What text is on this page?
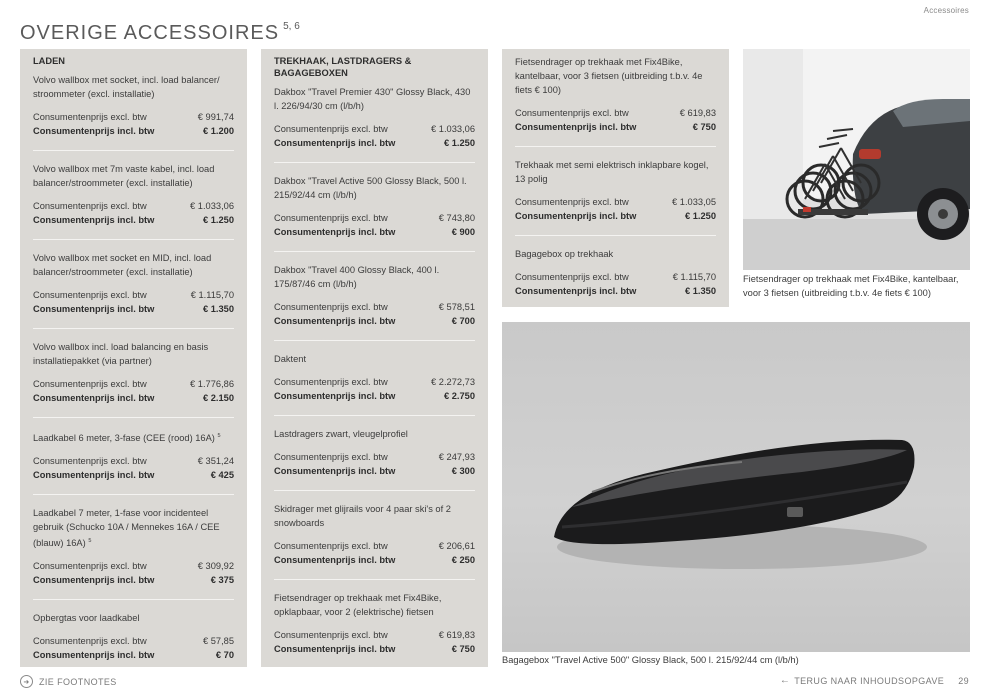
Accessoires
OVERIGE ACCESSOIRES $^{5, 6}$
LADEN

Volvo wallbox met socket, incl. load balancer/ stroommeter (excl. installatie)

Consumentenprijs excl. btw	€ 991,74
Consumentenprijs incl. btw	€ 1.200

Volvo wallbox met 7m vaste kabel, incl. load balancer/stroommeter (excl. installatie)

Consumentenprijs excl. btw	€ 1.033,06
Consumentenprijs incl. btw	€ 1.250

Volvo wallbox met socket en MID, incl. load balancer/stroommeter (excl. installatie)

Consumentenprijs excl. btw	€ 1.115,70
Consumentenprijs incl. btw	€ 1.350

Volvo wallbox incl. load balancing en basis installatiepakket (via partner)

Consumentenprijs excl. btw	€ 1.776,86
Consumentenprijs incl. btw	€ 2.150

Laadkabel 6 meter, 3-fase (CEE (rood) 16A) $^5$

Consumentenprijs excl. btw	€ 351,24
Consumentenprijs incl. btw	€ 425

Laadkabel 7 meter, 1-fase voor incidenteel gebruik (Schucko 10A / Mennekes 16A / CEE (blauw) 16A) $^5$

Consumentenprijs excl. btw	€ 309,92
Consumentenprijs incl. btw	€ 375

Opbergtas voor laadkabel

Consumentenprijs excl. btw	€ 57,85
Consumentenprijs incl. btw	€ 70
TREKHAAK, LASTDRAGERS & BAGAGEBOXEN

Dakbox "Travel Premier 430" Glossy Black, 430 l. 226/94/30 cm (l/b/h)

Consumentenprijs excl. btw	€ 1.033,06
Consumentenprijs incl. btw	€ 1.250

Dakbox "Travel Active 500 Glossy Black, 500 l. 215/92/44 cm (l/b/h)

Consumentenprijs excl. btw	€ 743,80
Consumentenprijs incl. btw	€ 900

Dakbox "Travel 400 Glossy Black, 400 l. 175/87/46 cm (l/b/h)

Consumentenprijs excl. btw	€ 578,51
Consumentenprijs incl. btw	€ 700

Daktent

Consumentenprijs excl. btw	€ 2.272,73
Consumentenprijs incl. btw	€ 2.750

Lastdragers zwart, vleugelprofiel

Consumentenprijs excl. btw	€ 247,93
Consumentenprijs incl. btw	€ 300

Skidrager met glijrails voor 4 paar ski's of 2 snowboards

Consumentenprijs excl. btw	€ 206,61
Consumentenprijs incl. btw	€ 250

Fietsendrager op trekhaak met Fix4Bike, opklapbaar, voor 2 (elektrische) fietsen

Consumentenprijs excl. btw	€ 619,83
Consumentenprijs incl. btw	€ 750

Fietsendrager op trekhaak met Fix4Bike, kantelbaar, voor 3 fietsen (uitbreiding t.b.v. 4e fiets € 100)

Consumentenprijs excl. btw	€ 619,83
Consumentenprijs incl. btw	€ 750

Trekhaak met semi elektrisch inklapbare kogel, 13 polig

Consumentenprijs excl. btw	€ 1.033,05
Consumentenprijs incl. btw	€ 1.250

Bagagebox op trekhaak

Consumentenprijs excl. btw	€ 1.115,70
Consumentenprijs incl. btw	€ 1.350
Fietsendrager op trekhaak met Fix4Bike, kantelbaar, voor 3 fietsen (uitbreiding t.b.v. 4e fiets € 100)
Bagagebox "Travel Active 500" Glossy Black, 500 l. 215/92/44 cm (l/b/h)
➜	ZIE FOOTNOTES	← TERUG NAAR INHOUDSOPGAVE 29
